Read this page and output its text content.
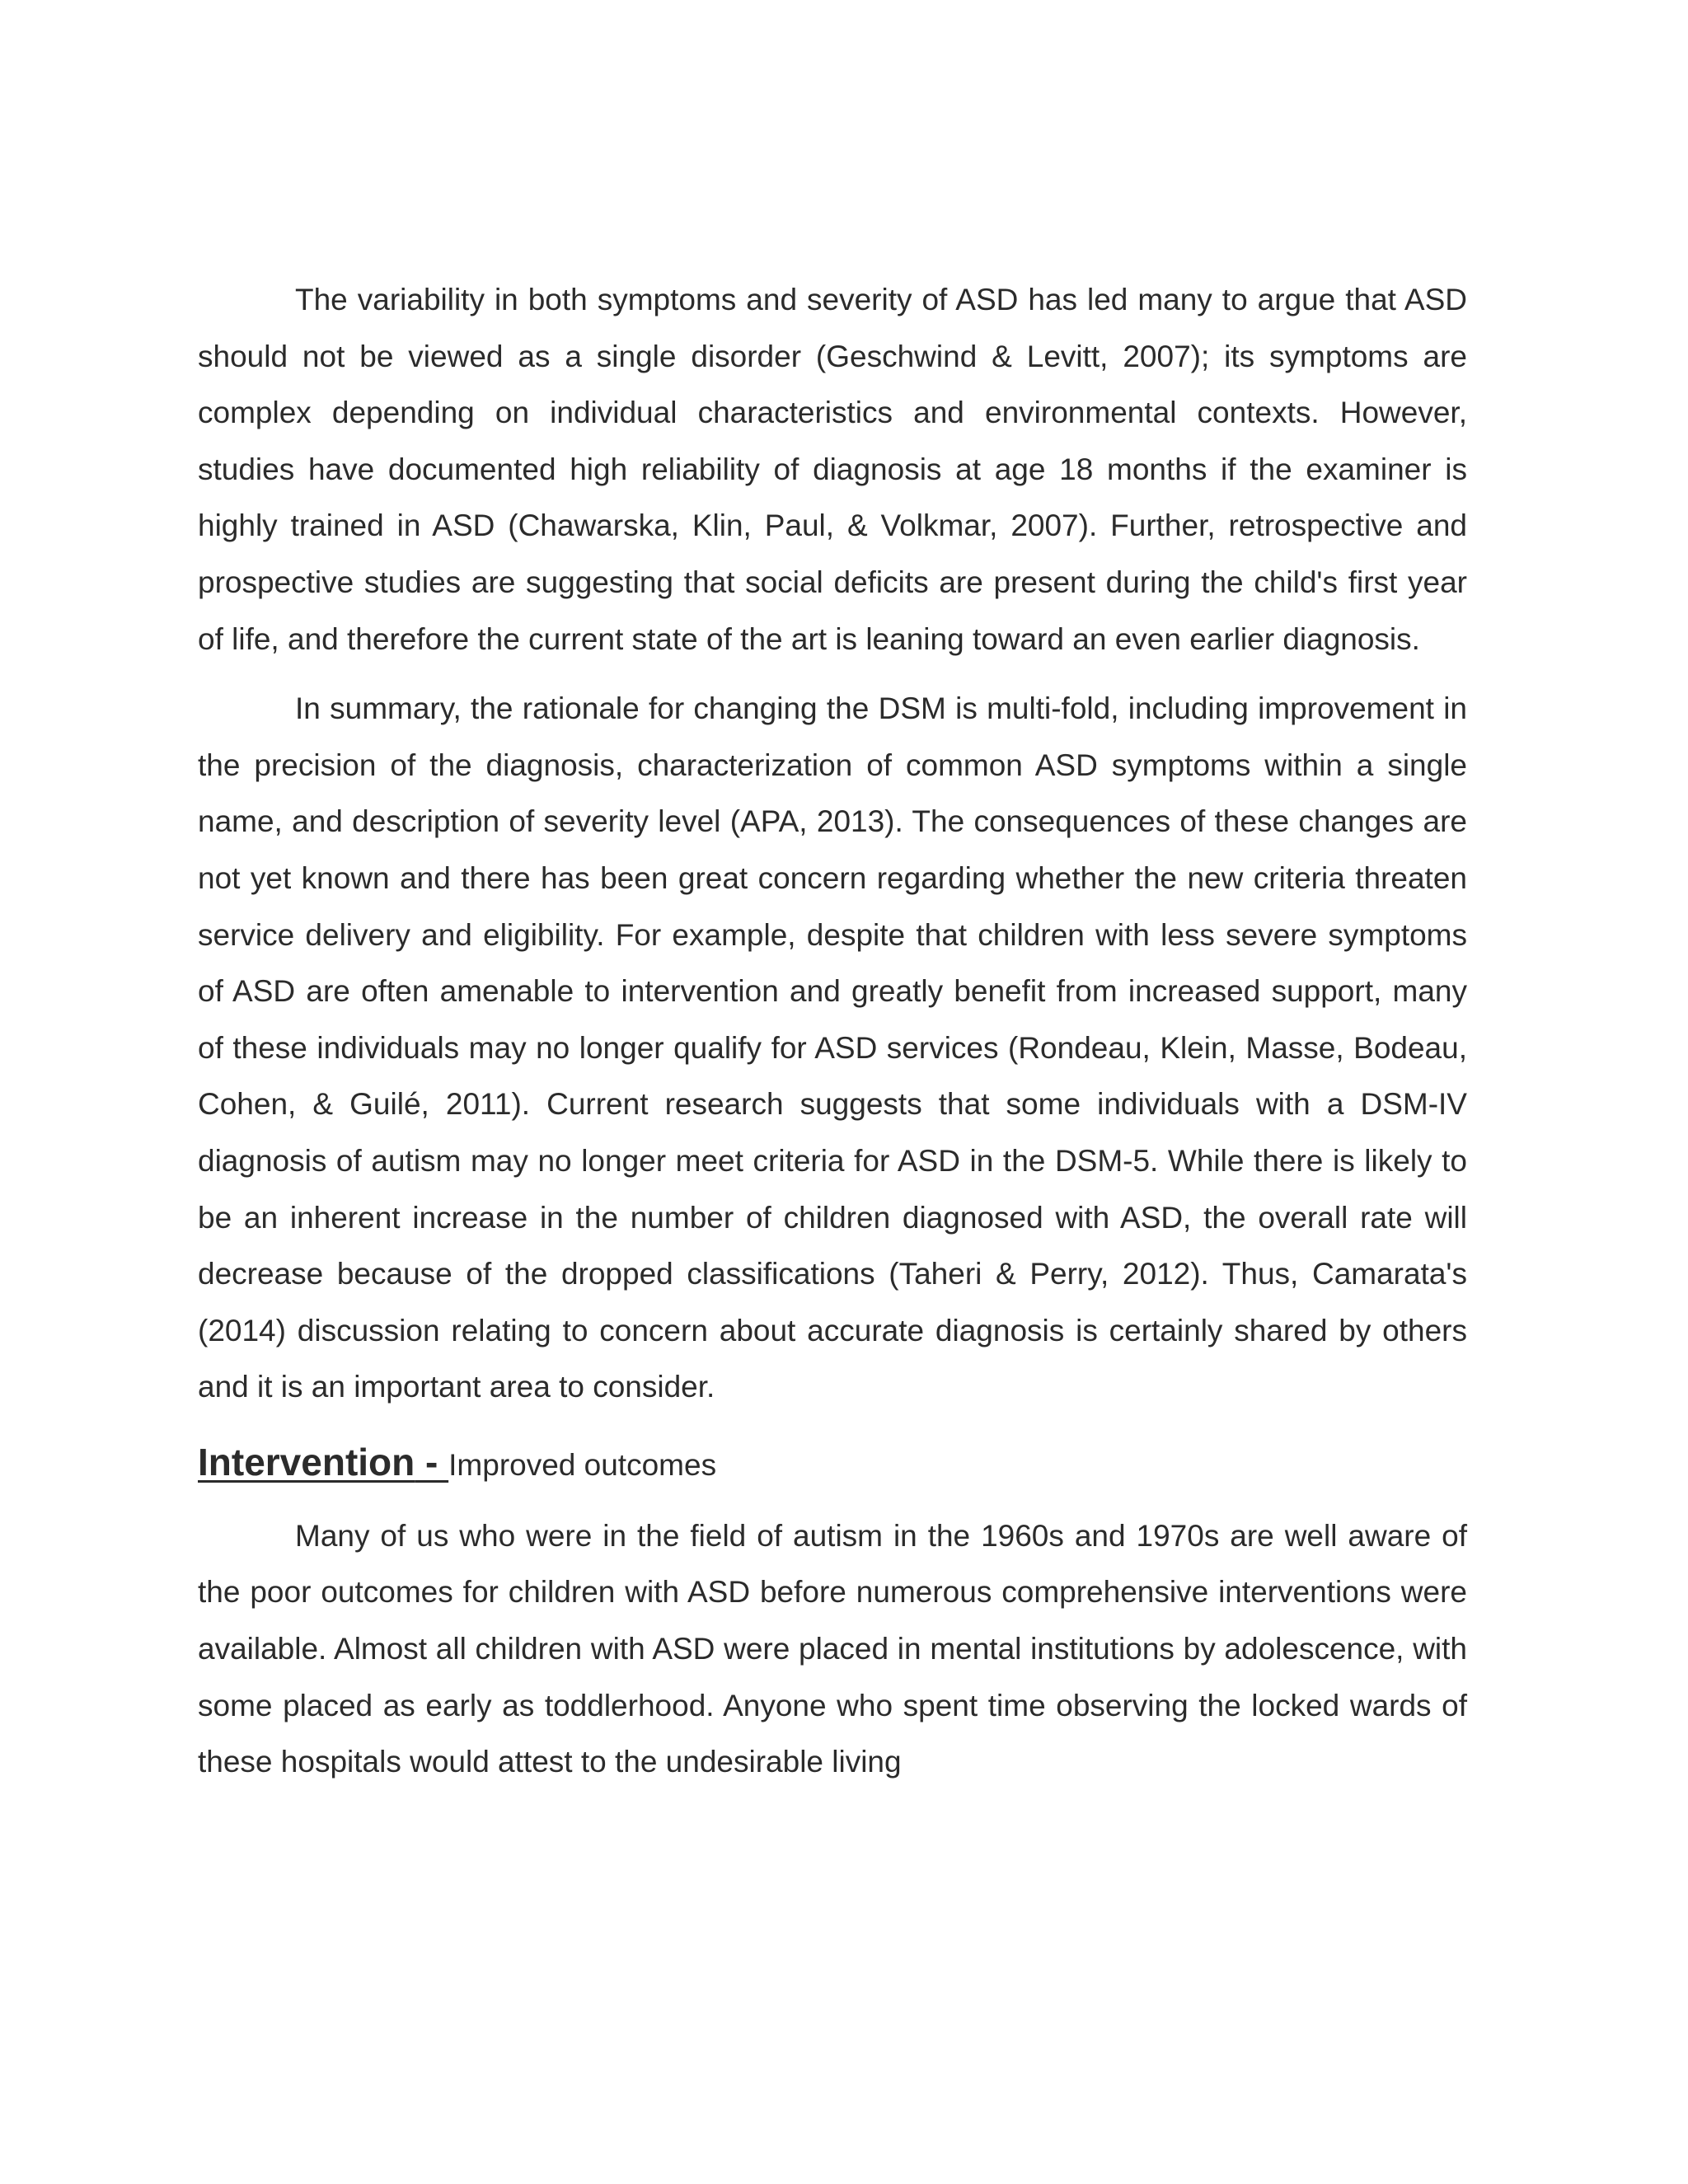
The variability in both symptoms and severity of ASD has led many to argue that ASD should not be viewed as a single disorder (Geschwind & Levitt, 2007); its symptoms are complex depending on individual characteristics and environmental contexts. However, studies have documented high reliability of diagnosis at age 18 months if the examiner is highly trained in ASD (Chawarska, Klin, Paul, & Volkmar, 2007). Further, retrospective and prospective studies are suggesting that social deficits are present during the child's first year of life, and therefore the current state of the art is leaning toward an even earlier diagnosis.

In summary, the rationale for changing the DSM is multi-fold, including improvement in the precision of the diagnosis, characterization of common ASD symptoms within a single name, and description of severity level (APA, 2013). The consequences of these changes are not yet known and there has been great concern regarding whether the new criteria threaten service delivery and eligibility. For example, despite that children with less severe symptoms of ASD are often amenable to intervention and greatly benefit from increased support, many of these individuals may no longer qualify for ASD services (Rondeau, Klein, Masse, Bodeau, Cohen, & Guilé, 2011). Current research suggests that some individuals with a DSM-IV diagnosis of autism may no longer meet criteria for ASD in the DSM-5. While there is likely to be an inherent increase in the number of children diagnosed with ASD, the overall rate will decrease because of the dropped classifications (Taheri & Perry, 2012). Thus, Camarata's (2014) discussion relating to concern about accurate diagnosis is certainly shared by others and it is an important area to consider.

Intervention - Improved outcomes

Many of us who were in the field of autism in the 1960s and 1970s are well aware of the poor outcomes for children with ASD before numerous comprehensive interventions were available. Almost all children with ASD were placed in mental institutions by adolescence, with some placed as early as toddlerhood. Anyone who spent time observing the locked wards of these hospitals would attest to the undesirable living
